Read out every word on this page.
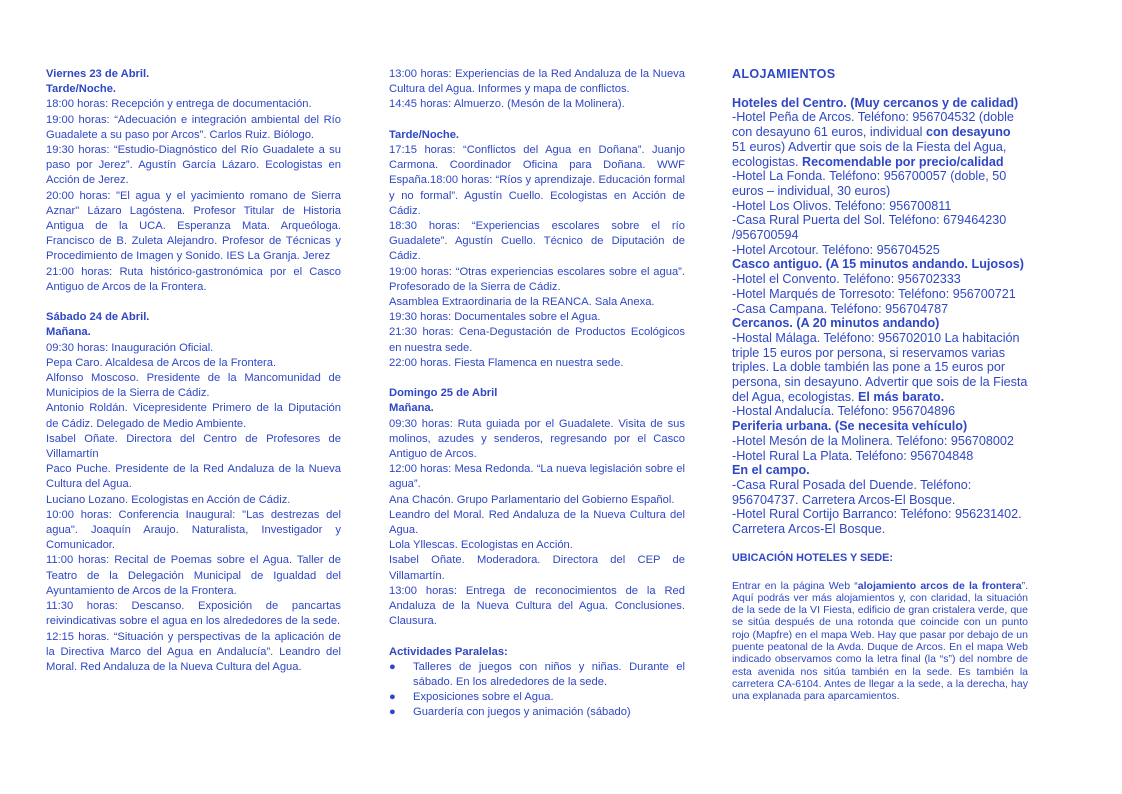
Viernes 23 de Abril.
Tarde/Noche.
18:00 horas: Recepción y entrega de documentación.
19:00 horas: “Adecuación e integración ambiental del Río Guadalete a su paso por Arcos”. Carlos Ruiz. Biólogo.
19:30 horas: “Estudio-Diagnóstico del Río Guadalete a su paso por Jerez”. Agustín García Lázaro. Ecologistas en Acción de Jerez.
20:00 horas: "El agua y el yacimiento romano de Sierra Aznar" Lázaro Lagóstena. Profesor Titular de Historia Antigua de la UCA. Esperanza Mata. Arqueóloga. Francisco de B. Zuleta Alejandro. Profesor de Técnicas y Procedimiento de Imagen y Sonido. IES La Granja. Jerez
21:00 horas: Ruta histórico-gastronómica por el Casco Antiguo de Arcos de la Frontera.
Sábado 24 de Abril.
Mañana.
09:30 horas: Inauguración Oficial.
Pepa Caro. Alcaldesa de Arcos de la Frontera.
Alfonso Moscoso. Presidente de la Mancomunidad de Municipios de la Sierra de Cádiz.
Antonio Roldán. Vicepresidente Primero de la Diputación de Cádiz. Delegado de Medio Ambiente.
Isabel Oñate. Directora del Centro de Profesores de Villamartín
Paco Puche. Presidente de la Red Andaluza de la Nueva Cultura del Agua.
Luciano Lozano. Ecologistas en Acción de Cádiz.
10:00 horas: Conferencia Inaugural: "Las destrezas del agua". Joaquín Araujo. Naturalista, Investigador y Comunicador.
11:00 horas: Recital de Poemas sobre el Agua. Taller de Teatro de la Delegación Municipal de Igualdad del Ayuntamiento de Arcos de la Frontera.
11:30 horas: Descanso. Exposición de pancartas reivindicativas sobre el agua en los alrededores de la sede.
12:15 horas. “Situación y perspectivas de la aplicación de la Directiva Marco del Agua en Andalucía”. Leandro del Moral. Red Andaluza de la Nueva Cultura del Agua.
13:00 horas: Experiencias de la Red Andaluza de la Nueva Cultura del Agua. Informes y mapa de conflictos.
14:45 horas: Almuerzo. (Mesón de la Molinera).
Tarde/Noche.
17:15 horas: “Conflictos del Agua en Doñana”. Juanjo Carmona. Coordinador Oficina para Doñana. WWF España.18:00 horas: “Ríos y aprendizaje. Educación formal y no formal”. Agustín Cuello. Ecologistas en Acción de Cádiz.
18:30 horas: “Experiencias escolares sobre el río Guadalete”. Agustín Cuello. Técnico de Diputación de Cádiz.
19:00 horas: “Otras experiencias escolares sobre el agua”. Profesorado de la Sierra de Cádiz.
Asamblea Extraordinaria de la REANCA. Sala Anexa.
19:30 horas: Documentales sobre el Agua.
21:30 horas: Cena-Degustación de Productos Ecológicos en nuestra sede.
22:00 horas. Fiesta Flamenca en nuestra sede.
Domingo 25 de Abril
Mañana.
09:30 horas: Ruta guiada por el Guadalete. Visita de sus molinos, azudes y senderos, regresando por el Casco Antiguo de Arcos.
12:00 horas: Mesa Redonda. “La nueva legislación sobre el agua”.
Ana Chacón. Grupo Parlamentario del Gobierno Español.
Leandro del Moral. Red Andaluza de la Nueva Cultura del Agua.
Lola Yllescas. Ecologistas en Acción.
Isabel Oñate. Moderadora. Directora del CEP de Villamartín.
13:00 horas: Entrega de reconocimientos de la Red Andaluza de la Nueva Cultura del Agua. Conclusiones. Clausura.
Actividades Paralelas:
● Talleres de juegos con niños y niñas. Durante el sábado. En los alrededores de la sede.
● Exposiciones sobre el Agua.
● Guardería con juegos y animación (sábado)
ALOJAMIENTOS
Hoteles del Centro. (Muy cercanos y de calidad)
-Hotel Peña de Arcos. Teléfono: 956704532 (doble con desayuno 61 euros, individual con desayuno 51 euros) Advertir que sois de la Fiesta del Agua, ecologistas. Recomendable por precio/calidad
-Hotel La Fonda. Teléfono: 956700057 (doble, 50 euros – individual, 30 euros)
-Hotel Los Olivos. Teléfono: 956700811
-Casa Rural Puerta del Sol. Teléfono: 679464230 /956700594
-Hotel Arcotour. Teléfono: 956704525
Casco antiguo. (A 15 minutos andando. Lujosos)
-Hotel el Convento. Teléfono: 956702333
-Hotel Marqués de Torresoto: Teléfono: 956700721
-Casa Campana. Teléfono: 956704787
Cercanos. (A 20 minutos andando)
-Hostal Málaga. Teléfono: 956702010 La habitación triple 15 euros por persona, si reservamos varias triples. La doble también las pone a 15 euros por persona, sin desayuno. Advertir que sois de la Fiesta del Agua, ecologistas. El más barato.
-Hostal Andalucía. Teléfono: 956704896
Periferia urbana. (Se necesita vehículo)
-Hotel Mesón de la Molinera. Teléfono: 956708002
-Hotel Rural La Plata. Teléfono: 956704848
En el campo.
-Casa Rural Posada del Duende. Teléfono: 956704737. Carretera Arcos-El Bosque.
-Hotel Rural Cortijo Barranco: Teléfono: 956231402. Carretera Arcos-El Bosque.
UBICACIÓN HOTELES Y SEDE:
Entrar en la página Web “alojamiento arcos de la frontera”. Aquí podrás ver más alojamientos y, con claridad, la situación de la sede de la VI Fiesta, edificio de gran cristalera verde, que se sitúa después de una rotonda que coincide con un punto rojo (Mapfre) en el mapa Web. Hay que pasar por debajo de un puente peatonal de la Avda. Duque de Arcos. En el mapa Web indicado observamos como la letra final (la “s”) del nombre de esta avenida nos sitúa también en la sede. Es también la carretera CA-6104. Antes de llegar a la sede, a la derecha, hay una explanada para aparcamientos.
